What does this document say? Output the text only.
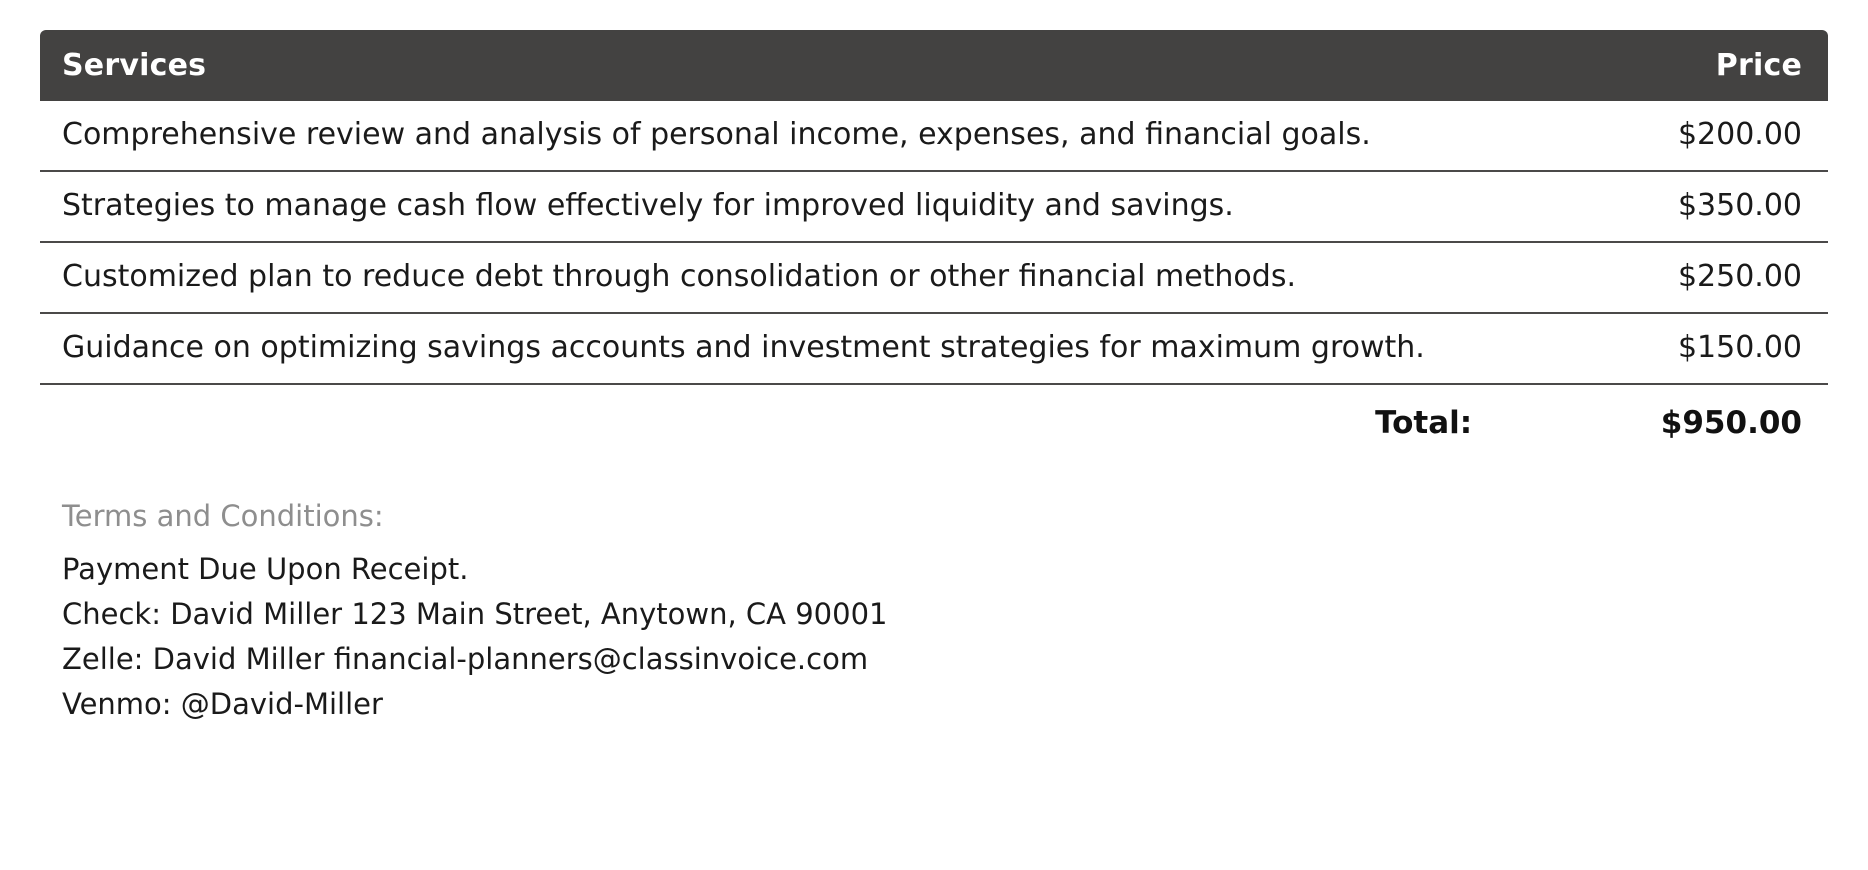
Services	Price
Comprehensive review and analysis of personal income, expenses, and financial goals.	$200.00
Strategies to manage cash flow effectively for improved liquidity and savings.	$350.00
Customized plan to reduce debt through consolidation or other financial methods.	$250.00
Guidance on optimizing savings accounts and investment strategies for maximum growth.	$150.00
Total:	$950.00
Terms and Conditions:
Payment Due Upon Receipt.
Check: David Miller 123 Main Street, Anytown, CA 90001
Zelle: David Miller financial-planners@classinvoice.com
Venmo: @David-Miller
